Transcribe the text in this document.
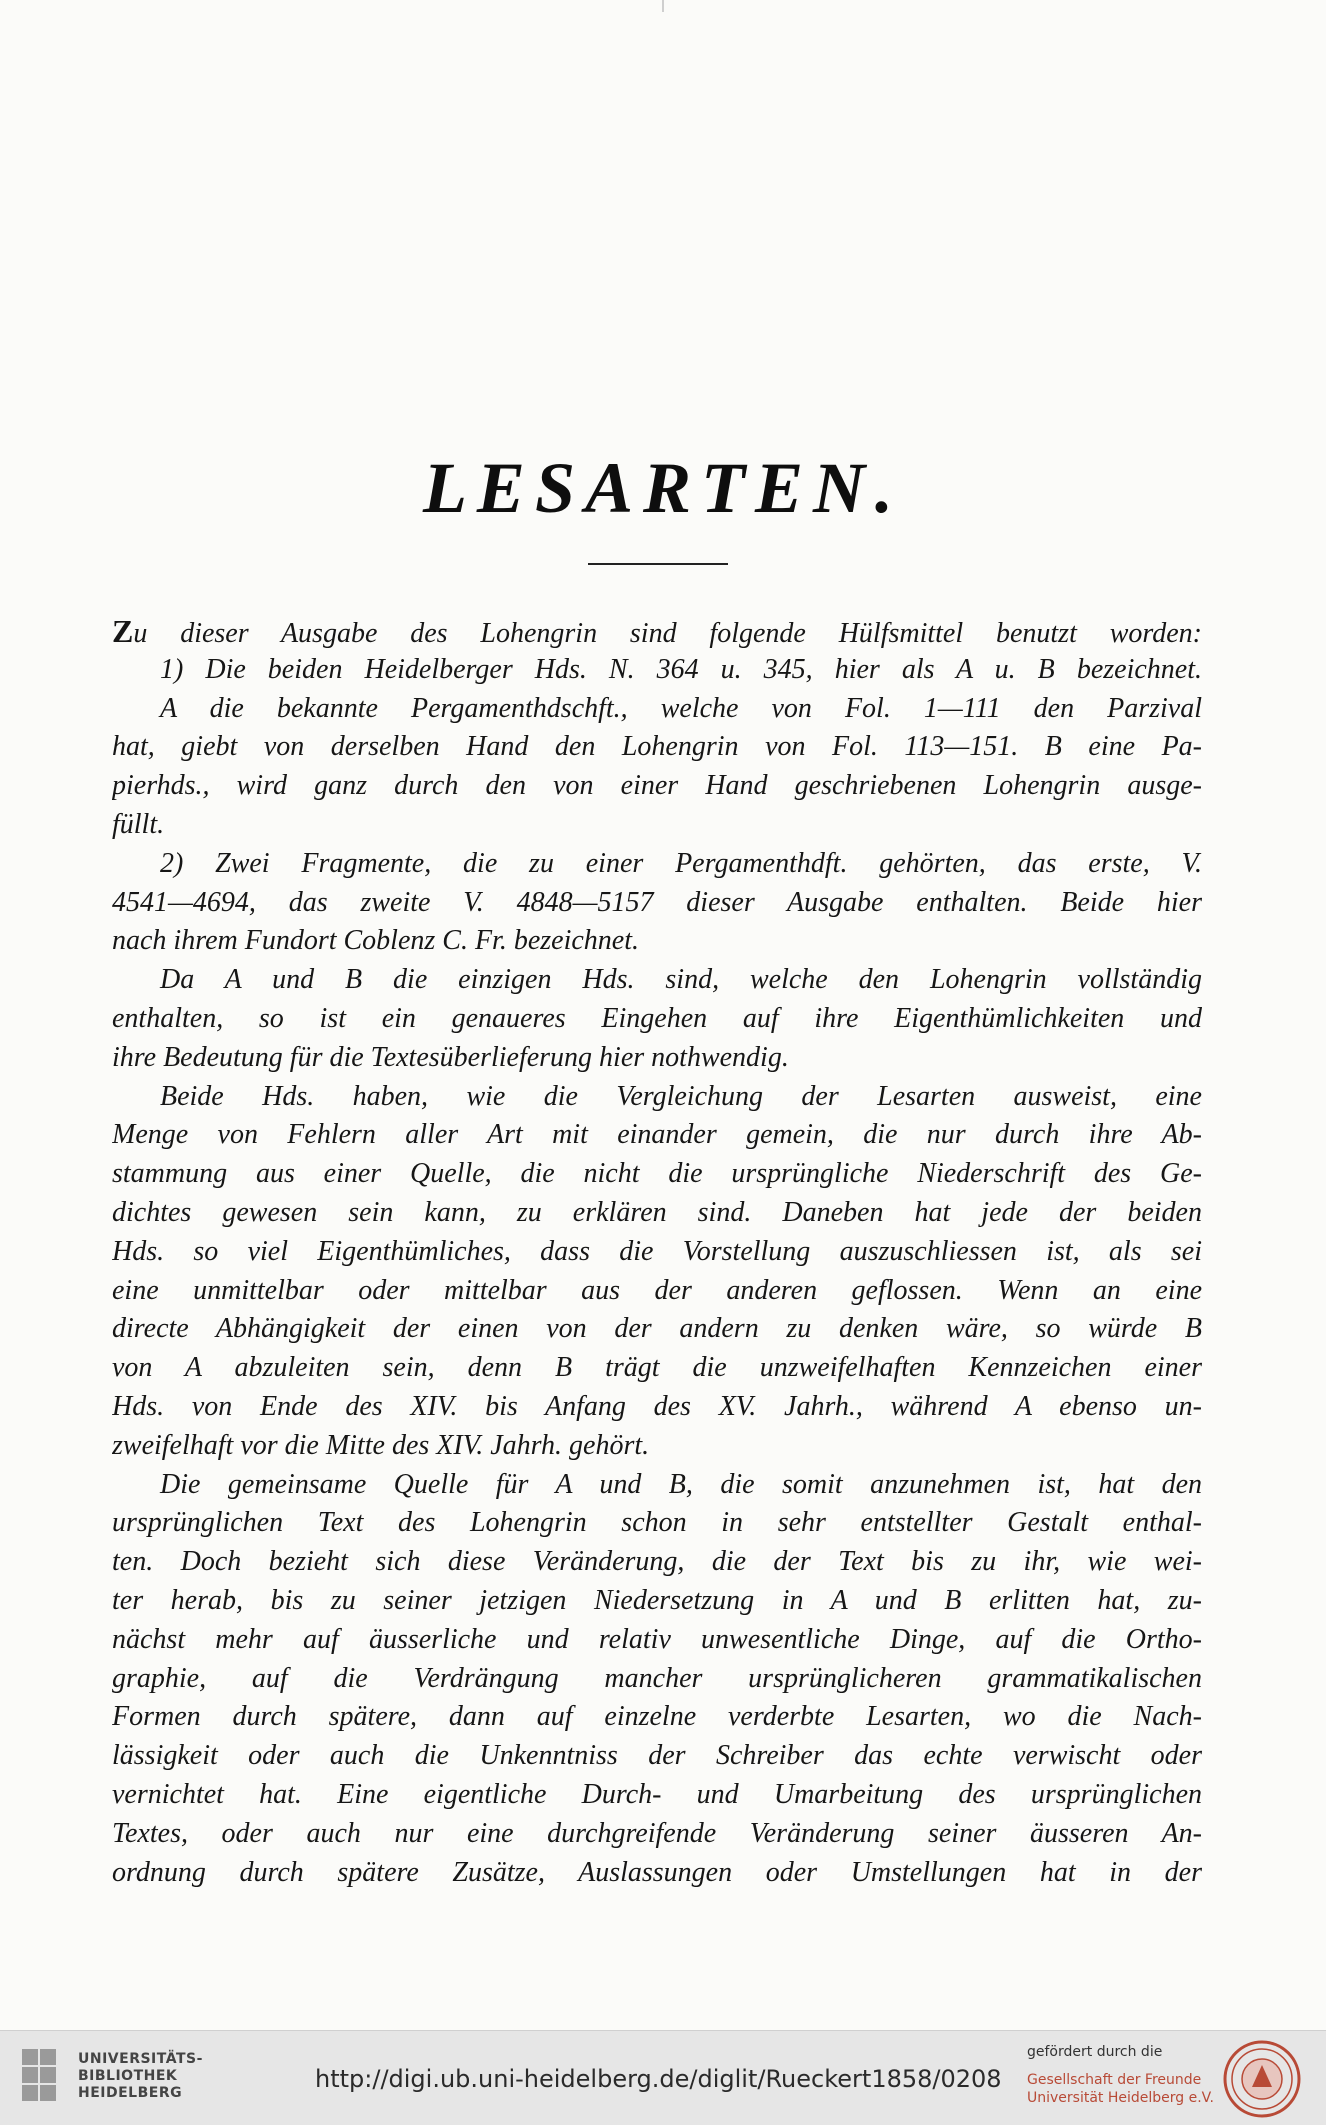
LESARTEN.
Zu dieser Ausgabe des Lohengrin sind folgende Hülfsmittel benutzt worden:
1) Die beiden Heidelberger Hds. N. 364 u. 345, hier als A u. B bezeichnet.
A die bekannte Pergamenthdschft., welche von Fol. 1—111 den Parzival
hat, giebt von derselben Hand den Lohengrin von Fol. 113—151. B eine Pa-
pierhds., wird ganz durch den von einer Hand geschriebenen Lohengrin ausge-
füllt.
2) Zwei Fragmente, die zu einer Pergamenthdft. gehörten, das erste, V.
4541—4694, das zweite V. 4848—5157 dieser Ausgabe enthalten. Beide hier
nach ihrem Fundort Coblenz C. Fr. bezeichnet.
Da A und B die einzigen Hds. sind, welche den Lohengrin vollständig
enthalten, so ist ein genaueres Eingehen auf ihre Eigenthümlichkeiten und
ihre Bedeutung für die Textesüberlieferung hier nothwendig.
Beide Hds. haben, wie die Vergleichung der Lesarten ausweist, eine
Menge von Fehlern aller Art mit einander gemein, die nur durch ihre Ab-
stammung aus einer Quelle, die nicht die ursprüngliche Niederschrift des Ge-
dichtes gewesen sein kann, zu erklären sind. Daneben hat jede der beiden
Hds. so viel Eigenthümliches, dass die Vorstellung auszuschliessen ist, als sei
eine unmittelbar oder mittelbar aus der anderen geflossen. Wenn an eine
directe Abhängigkeit der einen von der andern zu denken wäre, so würde B
von A abzuleiten sein, denn B trägt die unzweifelhaften Kennzeichen einer
Hds. von Ende des XIV. bis Anfang des XV. Jahrh., während A ebenso un-
zweifelhaft vor die Mitte des XIV. Jahrh. gehört.
Die gemeinsame Quelle für A und B, die somit anzunehmen ist, hat den
ursprünglichen Text des Lohengrin schon in sehr entstellter Gestalt enthal-
ten. Doch bezieht sich diese Veränderung, die der Text bis zu ihr, wie wei-
ter herab, bis zu seiner jetzigen Niedersetzung in A und B erlitten hat, zu-
nächst mehr auf äusserliche und relativ unwesentliche Dinge, auf die Ortho-
graphie, auf die Verdrängung mancher ursprünglicheren grammatikalischen
Formen durch spätere, dann auf einzelne verderbte Lesarten, wo die Nach-
lässigkeit oder auch die Unkenntniss der Schreiber das echte verwischt oder
vernichtet hat. Eine eigentliche Durch- und Umarbeitung des ursprünglichen
Textes, oder auch nur eine durchgreifende Veränderung seiner äusseren An-
ordnung durch spätere Zusätze, Auslassungen oder Umstellungen hat in der
UNIVERSITÄTS-
BIBLIOTHEK
HEIDELBERG	http://digi.ub.uni-heidelberg.de/diglit/Rueckert1858/0208
gefördert durch die
Gesellschaft der Freunde
Universität Heidelberg e.V.
